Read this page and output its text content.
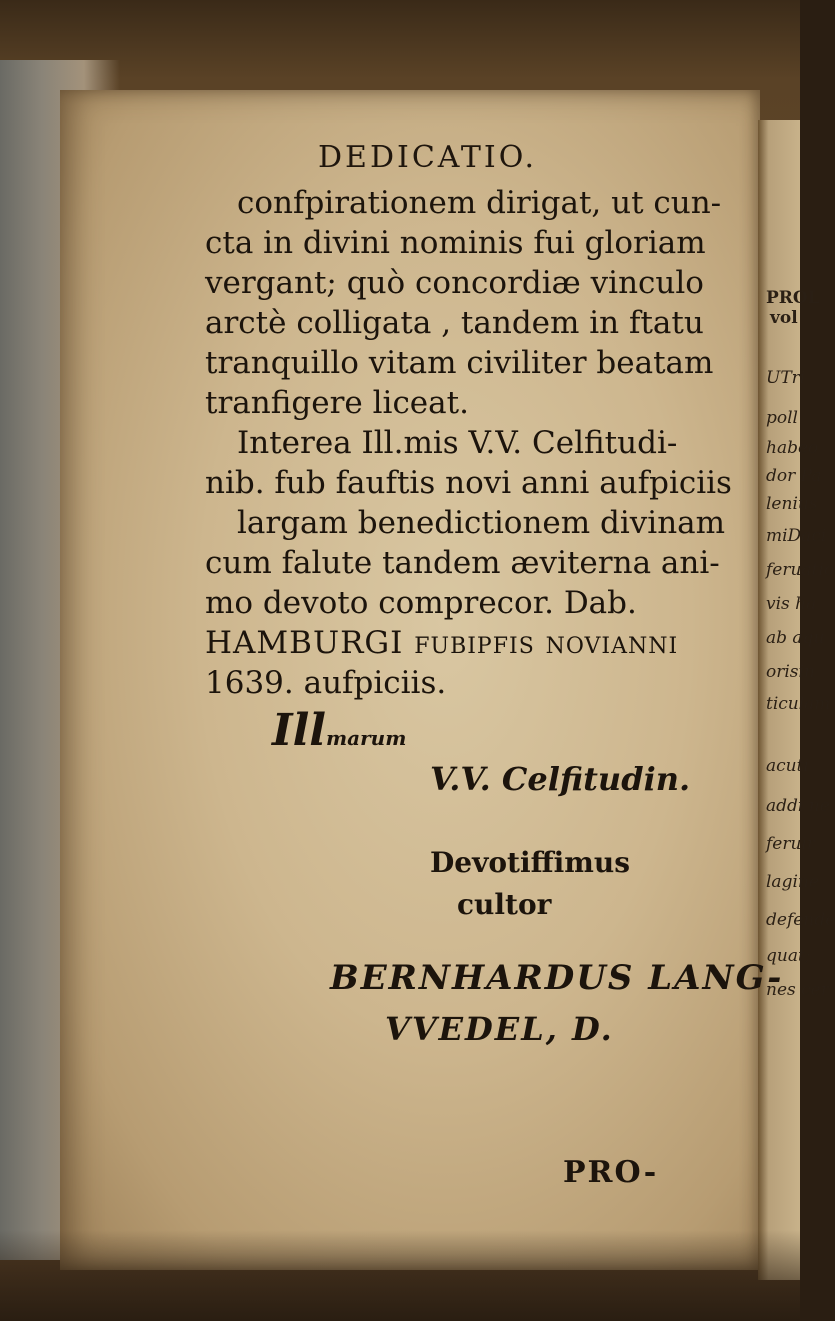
PROL
vol
UTri
poll
habeo
dor Pa
lenius
miDaci
feruatio
vis ha
ab aqu
orisin
ticulam
acuti
addi ne
feruir
lagine
defende
quat;
nes cer
DEDICATIO.
confpirationem dirigat, ut cun-
cta in divini nominis fui gloriam
vergant; quò concordiæ vinculo
arctè colligata , tandem in ftatu
tranquillo vitam civiliter beatam
tranfigere liceat.
Interea Ill.mis V.V. Celfitudi-
nib. fub fauftis novi anni aufpiciis
largam benedictionem divinam
cum falute tandem æviterna ani-
mo devoto comprecor. Dab.
HAMBURGI fubipfis novianni
1639. aufpiciis.
Illmarum
V.V. Celfitudin.
Devotiffimus
cultor
BERNHARDUS LANG-
VVEDEL, D.
PRO-
